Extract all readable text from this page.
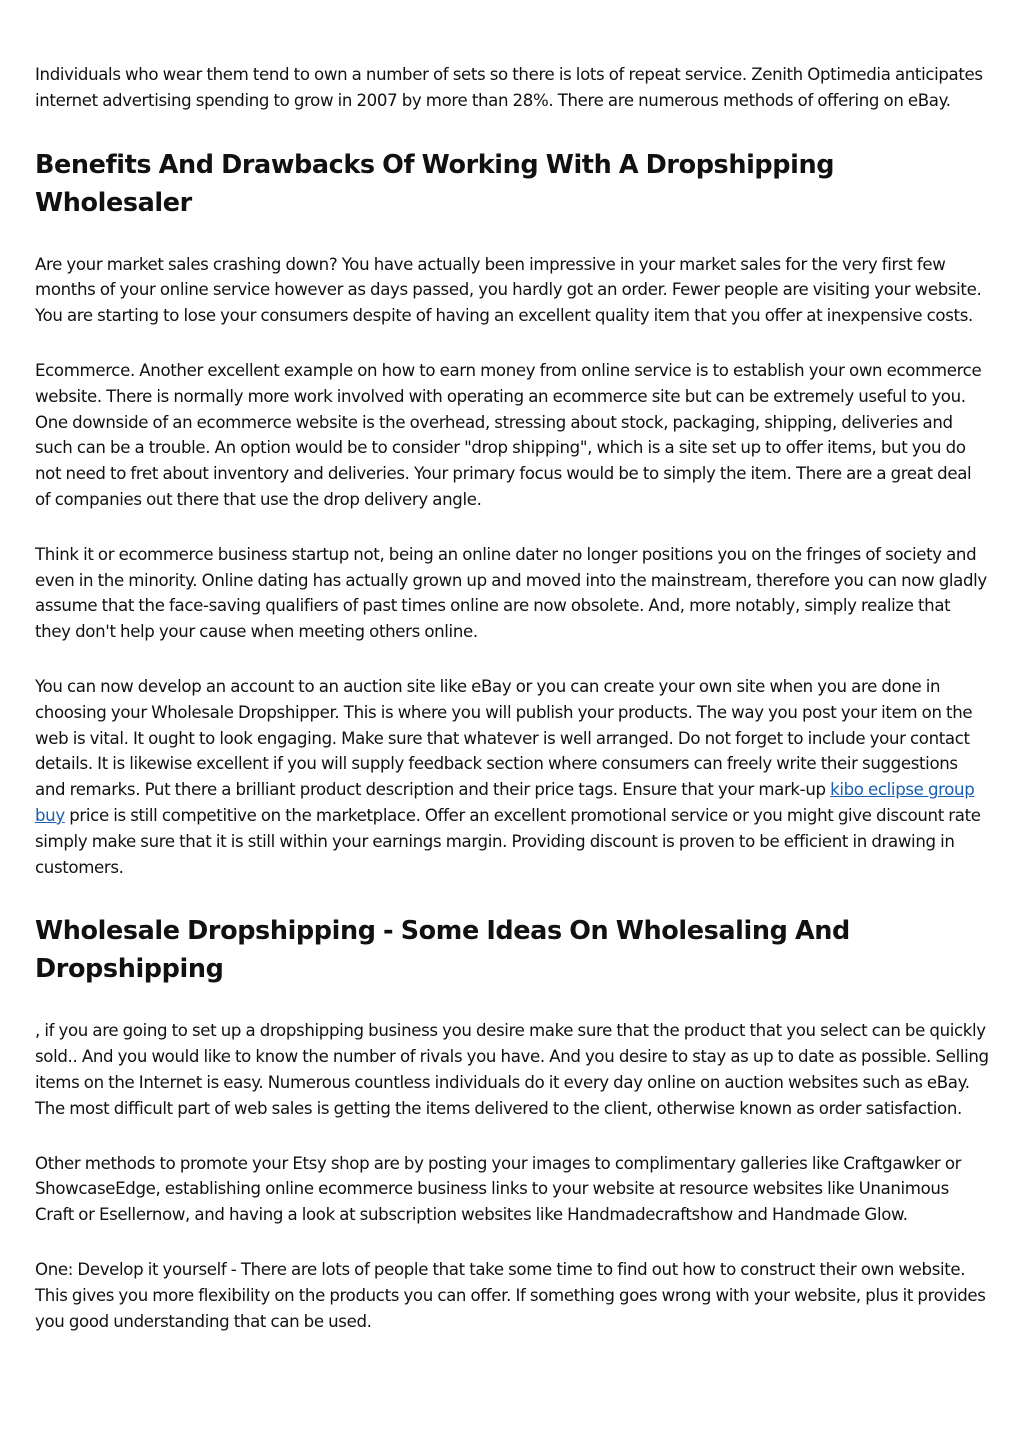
Individuals who wear them tend to own a number of sets so there is lots of repeat service. Zenith Optimedia anticipates internet advertising spending to grow in 2007 by more than 28%. There are numerous methods of offering on eBay.

Benefits And Drawbacks Of Working With A Dropshipping Wholesaler

Are your market sales crashing down? You have actually been impressive in your market sales for the very first few months of your online service however as days passed, you hardly got an order. Fewer people are visiting your website. You are starting to lose your consumers despite of having an excellent quality item that you offer at inexpensive costs.

Ecommerce. Another excellent example on how to earn money from online service is to establish your own ecommerce website. There is normally more work involved with operating an ecommerce site but can be extremely useful to you. One downside of an ecommerce website is the overhead, stressing about stock, packaging, shipping, deliveries and such can be a trouble. An option would be to consider "drop shipping", which is a site set up to offer items, but you do not need to fret about inventory and deliveries. Your primary focus would be to simply the item. There are a great deal of companies out there that use the drop delivery angle.

Think it or ecommerce business startup not, being an online dater no longer positions you on the fringes of society and even in the minority. Online dating has actually grown up and moved into the mainstream, therefore you can now gladly assume that the face-saving qualifiers of past times online are now obsolete. And, more notably, simply realize that they don't help your cause when meeting others online.

You can now develop an account to an auction site like eBay or you can create your own site when you are done in choosing your Wholesale Dropshipper. This is where you will publish your products. The way you post your item on the web is vital. It ought to look engaging. Make sure that whatever is well arranged. Do not forget to include your contact details. It is likewise excellent if you will supply feedback section where consumers can freely write their suggestions and remarks. Put there a brilliant product description and their price tags. Ensure that your mark-up kibo eclipse group buy price is still competitive on the marketplace. Offer an excellent promotional service or you might give discount rate simply make sure that it is still within your earnings margin. Providing discount is proven to be efficient in drawing in customers.

Wholesale Dropshipping - Some Ideas On Wholesaling And Dropshipping

, if you are going to set up a dropshipping business you desire make sure that the product that you select can be quickly sold.. And you would like to know the number of rivals you have. And you desire to stay as up to date as possible. Selling items on the Internet is easy. Numerous countless individuals do it every day online on auction websites such as eBay. The most difficult part of web sales is getting the items delivered to the client, otherwise known as order satisfaction.

Other methods to promote your Etsy shop are by posting your images to complimentary galleries like Craftgawker or ShowcaseEdge, establishing online ecommerce business links to your website at resource websites like Unanimous Craft or Esellernow, and having a look at subscription websites like Handmadecraftshow and Handmade Glow.

One: Develop it yourself - There are lots of people that take some time to find out how to construct their own website. This gives you more flexibility on the products you can offer. If something goes wrong with your website, plus it provides you good understanding that can be used.
